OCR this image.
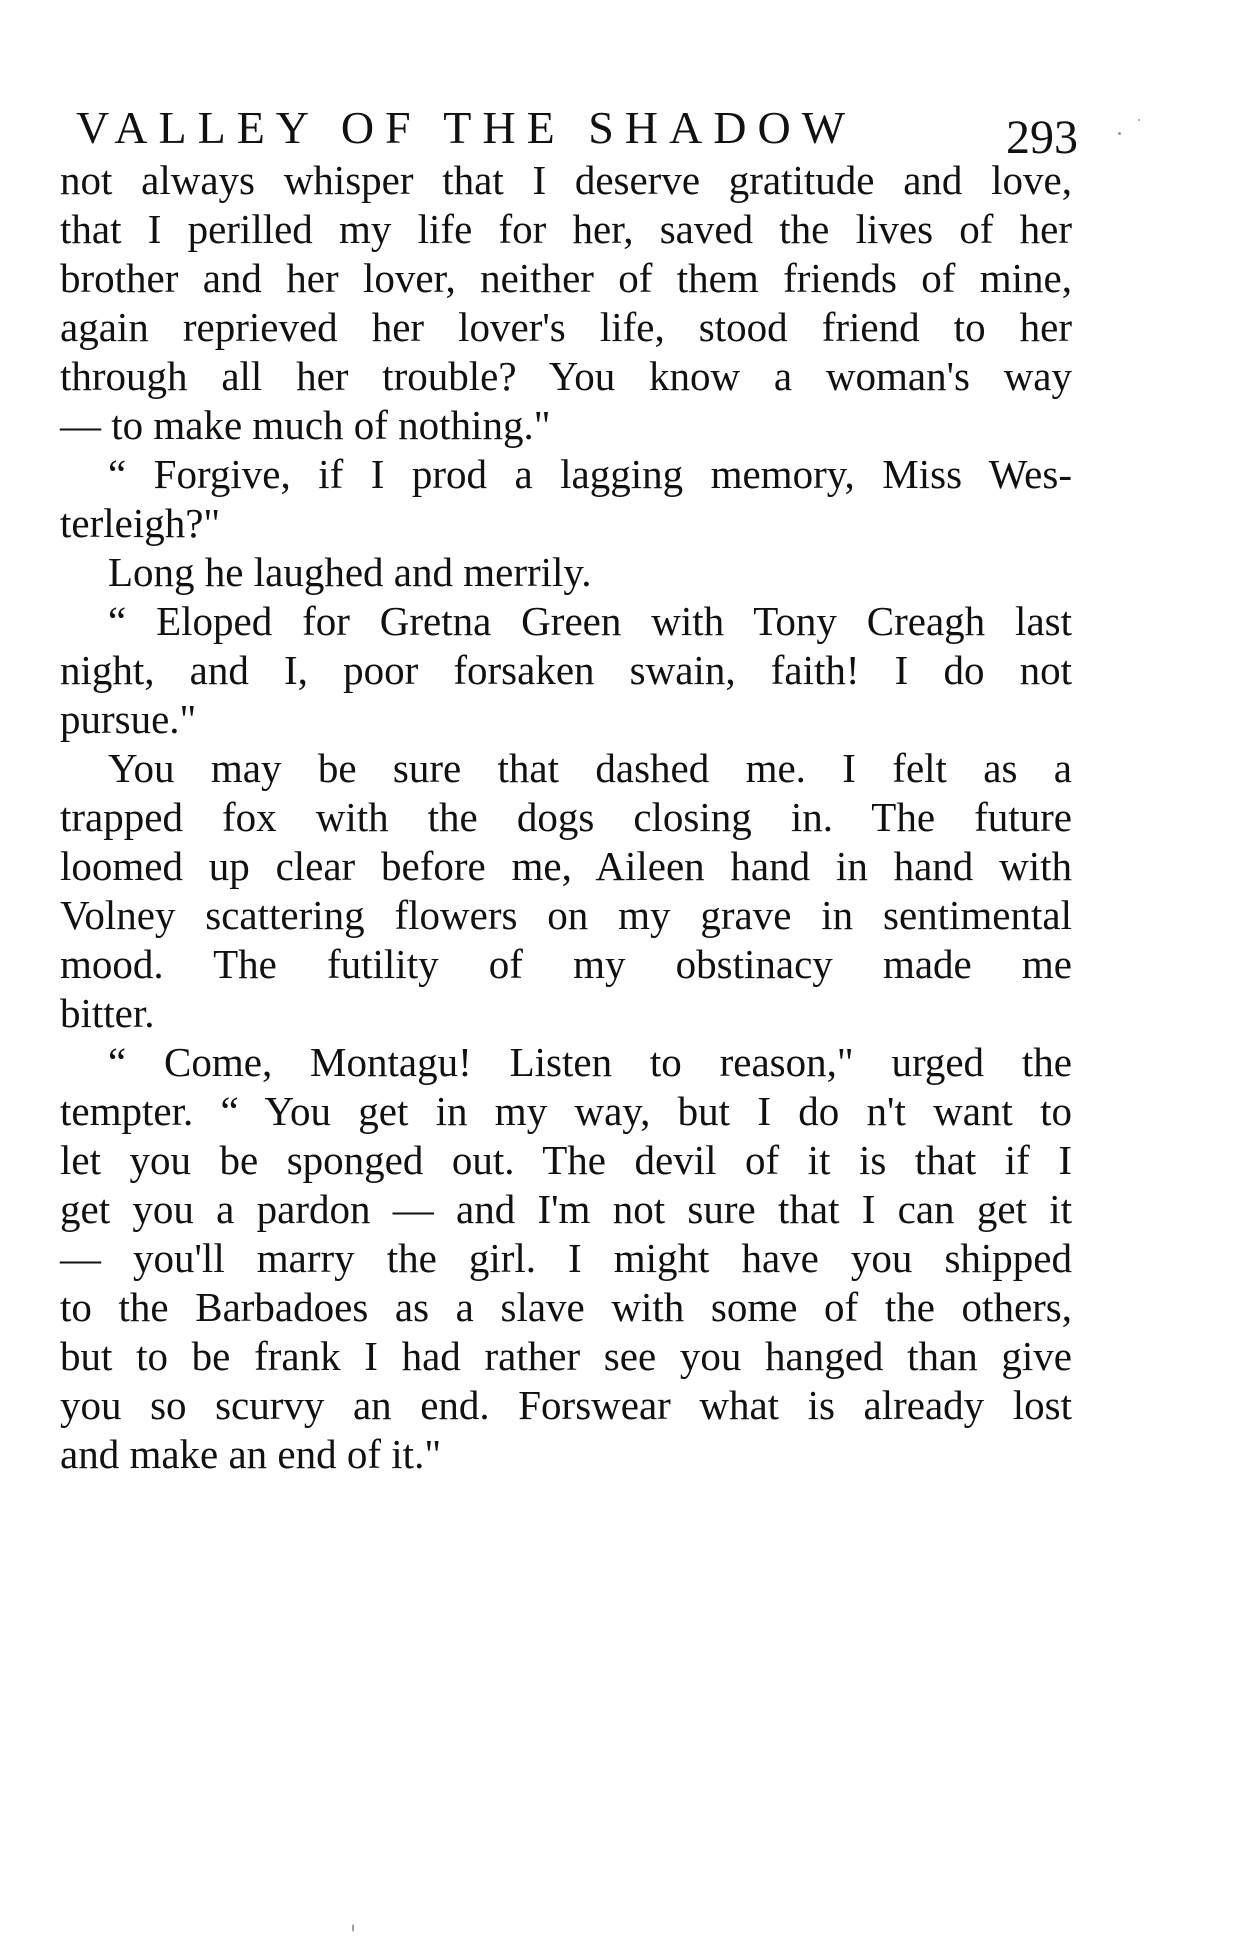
VALLEY OF THE SHADOW	293
not always whisper that I deserve gratitude and love,
that I perilled my life for her, saved the lives of her
brother and her lover, neither of them friends of mine,
again reprieved her lover's life, stood friend to her
through all her trouble? You know a woman's way
— to make much of nothing."
“ Forgive, if I prod a lagging memory, Miss Wes-
terleigh?"
Long he laughed and merrily.
“ Eloped for Gretna Green with Tony Creagh last
night, and I, poor forsaken swain, faith! I do not
pursue."
You may be sure that dashed me. I felt as a
trapped fox with the dogs closing in. The future
loomed up clear before me, Aileen hand in hand with
Volney scattering flowers on my grave in sentimental
mood. The futility of my obstinacy made me
bitter.
“ Come, Montagu! Listen to reason," urged the
tempter. “ You get in my way, but I do n't want to
let you be sponged out. The devil of it is that if I
get you a pardon — and I'm not sure that I can get it
— you'll marry the girl. I might have you shipped
to the Barbadoes as a slave with some of the others,
but to be frank I had rather see you hanged than give
you so scurvy an end. Forswear what is already lost
and make an end of it."
